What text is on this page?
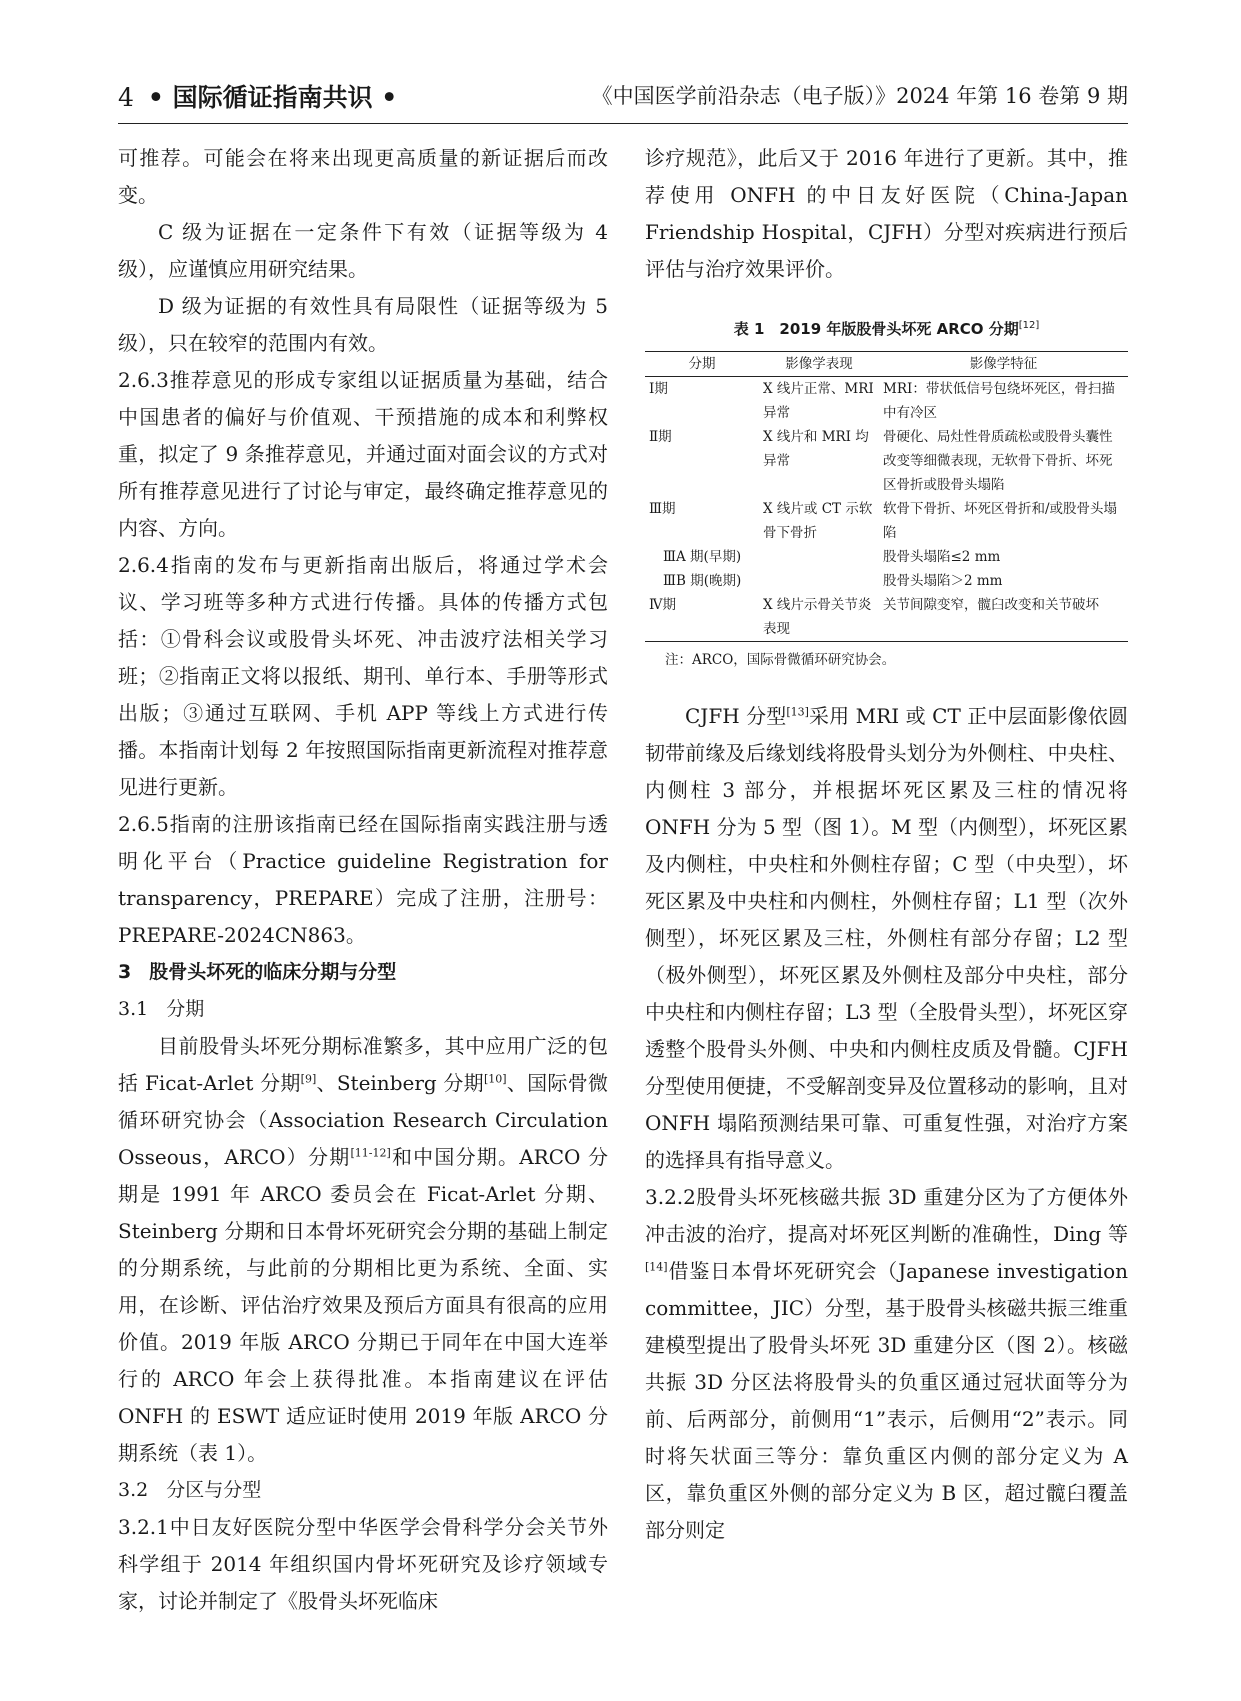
4 • 国际循证指南共识 •	《中国医学前沿杂志（电子版）》2024 年第 16 卷第 9 期

可推荐。可能会在将来出现更高质量的新证据后而改变。

C 级为证据在一定条件下有效（证据等级为 4 级），应谨慎应用研究结果。

D 级为证据的有效性具有局限性（证据等级为 5 级），只在较窄的范围内有效。

2.6.3推荐意见的形成专家组以证据质量为基础，结合中国患者的偏好与价值观、干预措施的成本和利弊权重，拟定了 9 条推荐意见，并通过面对面会议的方式对所有推荐意见进行了讨论与审定，最终确定推荐意见的内容、方向。

2.6.4指南的发布与更新指南出版后，将通过学术会议、学习班等多种方式进行传播。具体的传播方式包括：①骨科会议或股骨头坏死、冲击波疗法相关学习班；②指南正文将以报纸、期刊、单行本、手册等形式出版；③通过互联网、手机 APP 等线上方式进行传播。本指南计划每 2 年按照国际指南更新流程对推荐意见进行更新。

2.6.5指南的注册该指南已经在国际指南实践注册与透明化平台（Practice guideline Registration for transparency，PREPARE）完成了注册，注册号：PREPARE-2024CN863。

3 股骨头坏死的临床分期与分型

3.1 分期

目前股骨头坏死分期标准繁多，其中应用广泛的包括 Ficat-Arlet 分期[9]、Steinberg 分期[10]、国际骨微循环研究协会（Association Research Circulation Osseous，ARCO）分期[11-12]和中国分期。ARCO 分期是 1991 年 ARCO 委员会在 Ficat-Arlet 分期、Steinberg 分期和日本骨坏死研究会分期的基础上制定的分期系统，与此前的分期相比更为系统、全面、实用，在诊断、评估治疗效果及预后方面具有很高的应用价值。2019 年版 ARCO 分期已于同年在中国大连举行的 ARCO 年会上获得批准。本指南建议在评估 ONFH 的 ESWT 适应证时使用 2019 年版 ARCO 分期系统（表 1）。

3.2 分区与分型

3.2.1中日友好医院分型中华医学会骨科学分会关节外科学组于 2014 年组织国内骨坏死研究及诊疗领域专家，讨论并制定了《股骨头坏死临床

诊疗规范》，此后又于 2016 年进行了更新。其中，推荐使用 ONFH 的中日友好医院（China-Japan Friendship Hospital，CJFH）分型对疾病进行预后评估与治疗效果评价。

表 1　2019 年版股骨头坏死 ARCO 分期[12]
分期	影像学表现	影像学特征
Ⅰ期	X 线片正常、MRI 异常	MRI：带状低信号包绕坏死区，骨扫描中有冷区
Ⅱ期	X 线片和 MRI 均异常	骨硬化、局灶性骨质疏松或股骨头囊性改变等细微表现，无软骨下骨折、坏死区骨折或股骨头塌陷
Ⅲ期	X 线片或 CT 示软骨下骨折	软骨下骨折、坏死区骨折和/或股骨头塌陷
ⅢA 期(早期)		股骨头塌陷≤2 mm
ⅢB 期(晚期)		股骨头塌陷＞2 mm
Ⅳ期	X 线片示骨关节炎表现	关节间隙变窄，髋臼改变和关节破坏
注：ARCO，国际骨微循环研究协会。

CJFH 分型[13]采用 MRI 或 CT 正中层面影像依圆韧带前缘及后缘划线将股骨头划分为外侧柱、中央柱、内侧柱 3 部分，并根据坏死区累及三柱的情况将 ONFH 分为 5 型（图 1）。M 型（内侧型），坏死区累及内侧柱，中央柱和外侧柱存留；C 型（中央型），坏死区累及中央柱和内侧柱，外侧柱存留；L1 型（次外侧型），坏死区累及三柱，外侧柱有部分存留；L2 型（极外侧型），坏死区累及外侧柱及部分中央柱，部分中央柱和内侧柱存留；L3 型（全股骨头型），坏死区穿透整个股骨头外侧、中央和内侧柱皮质及骨髓。CJFH 分型使用便捷，不受解剖变异及位置移动的影响，且对 ONFH 塌陷预测结果可靠、可重复性强，对治疗方案的选择具有指导意义。

3.2.2股骨头坏死核磁共振 3D 重建分区为了方便体外冲击波的治疗，提高对坏死区判断的准确性，Ding 等[14]借鉴日本骨坏死研究会（Japanese investigation committee，JIC）分型，基于股骨头核磁共振三维重建模型提出了股骨头坏死 3D 重建分区（图 2）。核磁共振 3D 分区法将股骨头的负重区通过冠状面等分为前、后两部分，前侧用“1”表示，后侧用“2”表示。同时将矢状面三等分：靠负重区内侧的部分定义为 A 区，靠负重区外侧的部分定义为 B 区，超过髋臼覆盖部分则定
